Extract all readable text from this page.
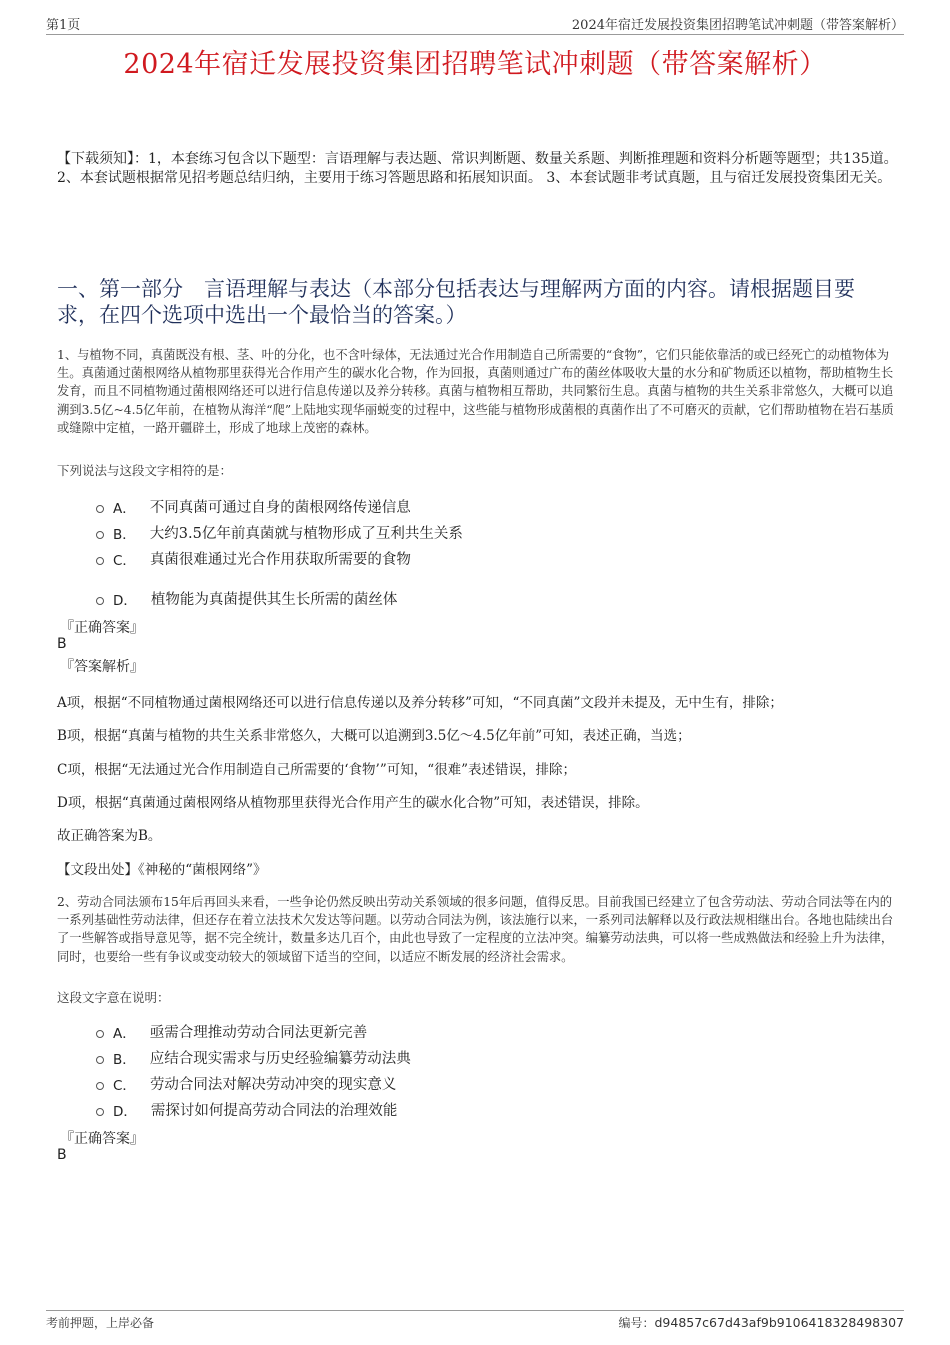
第1页	2024年宿迁发展投资集团招聘笔试冲刺题（带答案解析）
2024年宿迁发展投资集团招聘笔试冲刺题（带答案解析）
【下载须知】：1，本套练习包含以下题型：言语理解与表达题、常识判断题、数量关系题、判断推理题和资料分析题等题型；共135道。 2、本套试题根据常见招考题总结归纳，主要用于练习答题思路和拓展知识面。 3、本套试题非考试真题，且与宿迁发展投资集团无关。
一、第一部分　言语理解与表达（本部分包括表达与理解两方面的内容。请根据题目要求，在四个选项中选出一个最恰当的答案。）
1、与植物不同，真菌既没有根、茎、叶的分化，也不含叶绿体，无法通过光合作用制造自己所需要的“食物”，它们只能依靠活的或已经死亡的动植物体为生。真菌通过菌根网络从植物那里获得光合作用产生的碳水化合物，作为回报，真菌则通过广布的菌丝体吸收大量的水分和矿物质还以植物，帮助植物生长发育，而且不同植物通过菌根网络还可以进行信息传递以及养分转移。真菌与植物相互帮助，共同繁衍生息。真菌与植物的共生关系非常悠久，大概可以追溯到3.5亿~4.5亿年前，在植物从海洋“爬”上陆地实现华丽蜕变的过程中，这些能与植物形成菌根的真菌作出了不可磨灭的贡献，它们帮助植物在岩石基质或缝隙中定植，一路开疆辟土，形成了地球上茂密的森林。
下列说法与这段文字相符的是：
A． 不同真菌可通过自身的菌根网络传递信息
B． 大约3.5亿年前真菌就与植物形成了互利共生关系
C． 真菌很难通过光合作用获取所需要的食物
D． 植物能为真菌提供其生长所需的菌丝体
『正确答案』
B
『答案解析』
A项，根据“不同植物通过菌根网络还可以进行信息传递以及养分转移”可知，“不同真菌”文段并未提及，无中生有，排除；
B项，根据“真菌与植物的共生关系非常悠久，大概可以追溯到3.5亿～4.5亿年前”可知，表述正确，当选；
C项，根据“无法通过光合作用制造自己所需要的‘食物’”可知，“很难”表述错误，排除；
D项，根据“真菌通过菌根网络从植物那里获得光合作用产生的碳水化合物”可知，表述错误，排除。
故正确答案为B。
【文段出处】《神秘的“菌根网络”》
2、劳动合同法颁布15年后再回头来看，一些争论仍然反映出劳动关系领域的很多问题，值得反思。目前我国已经建立了包含劳动法、劳动合同法等在内的一系列基础性劳动法律，但还存在着立法技术欠发达等问题。以劳动合同法为例，该法施行以来，一系列司法解释以及行政法规相继出台。各地也陆续出台了一些解答或指导意见等，据不完全统计，数量多达几百个，由此也导致了一定程度的立法冲突。编纂劳动法典，可以将一些成熟做法和经验上升为法律，同时，也要给一些有争议或变动较大的领域留下适当的空间，以适应不断发展的经济社会需求。
这段文字意在说明：
A． 亟需合理推动劳动合同法更新完善
B． 应结合现实需求与历史经验编纂劳动法典
C． 劳动合同法对解决劳动冲突的现实意义
D． 需探讨如何提高劳动合同法的治理效能
『正确答案』
B
考前押题，上岸必备	编号：d94857c67d43af9b9106418328498307
